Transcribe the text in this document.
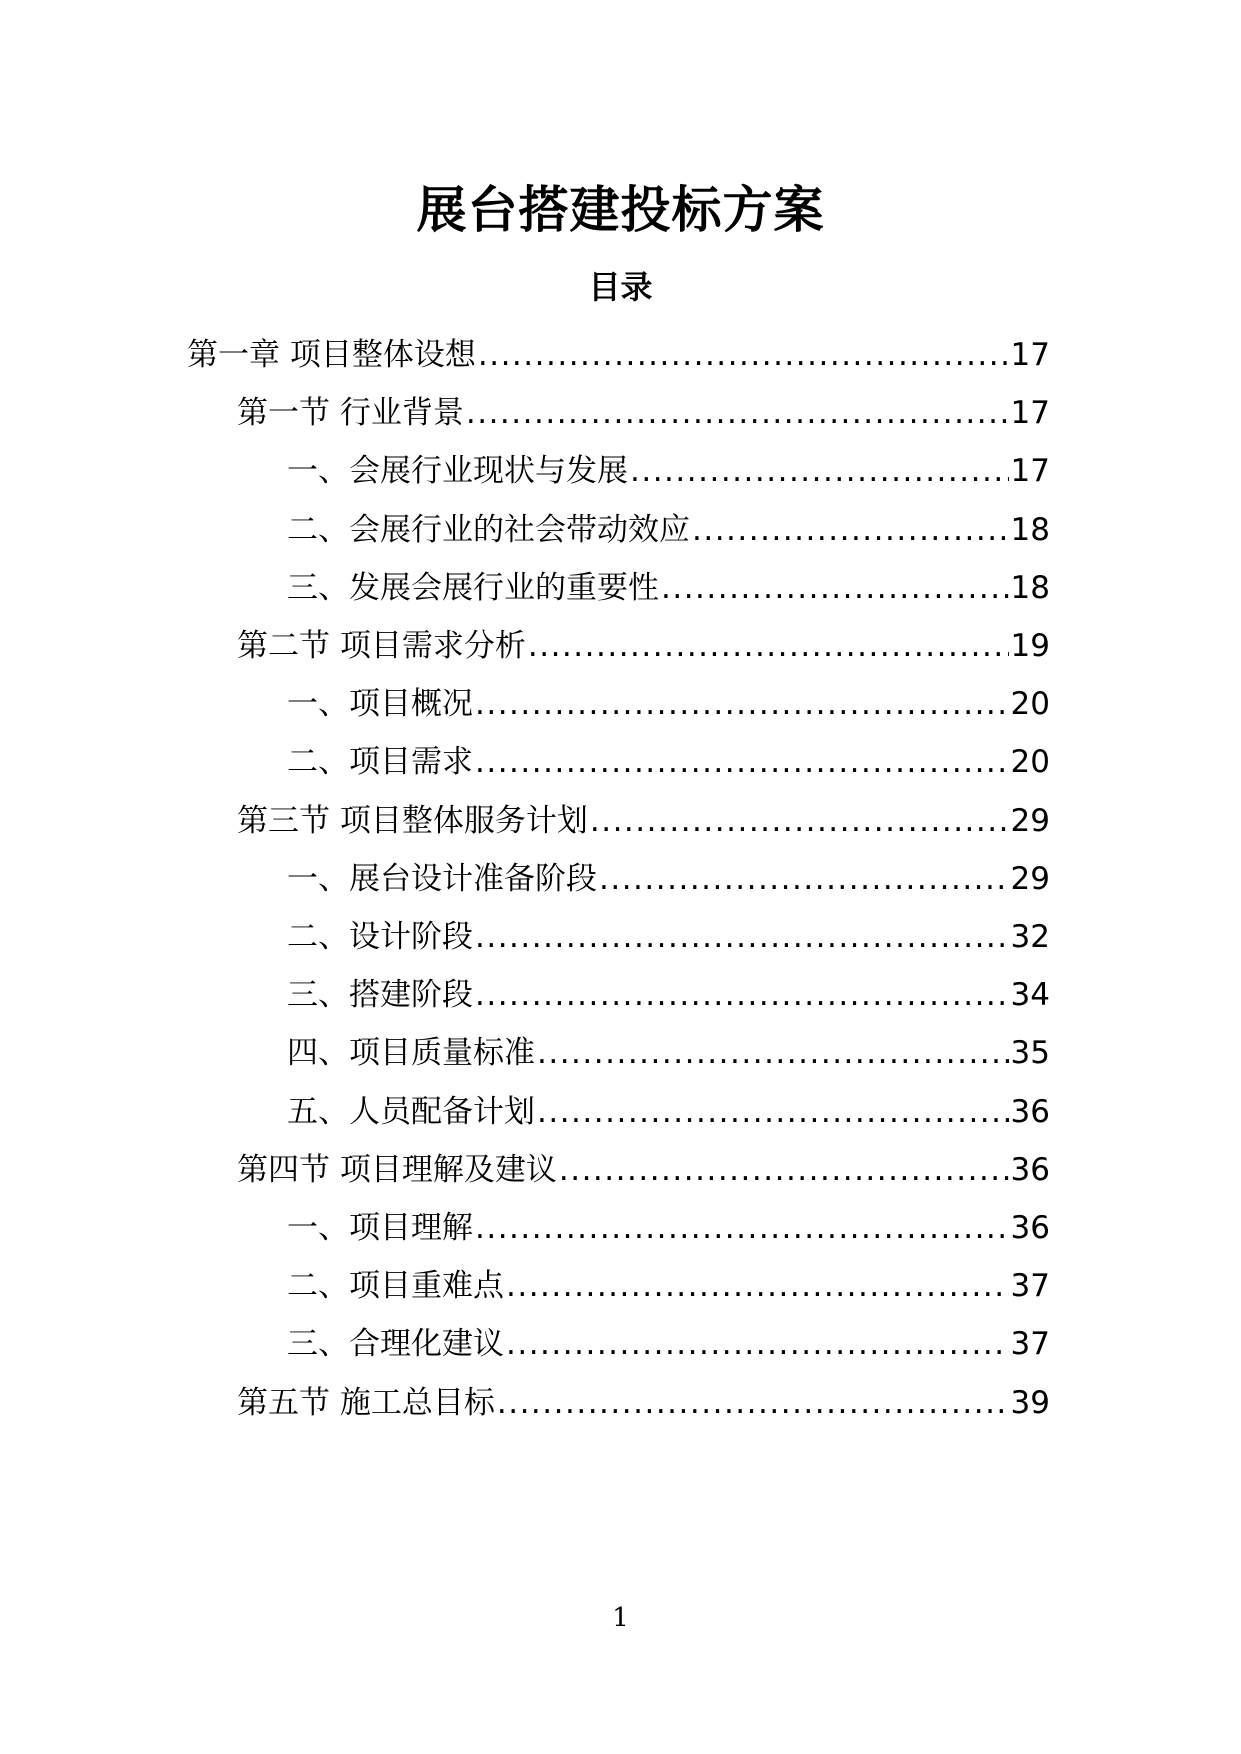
展台搭建投标方案
目录
第一章 项目整体设想 .....	17
第一节 行业背景 .....	17
一、会展行业现状与发展 .....	17
二、会展行业的社会带动效应 .....	18
三、发展会展行业的重要性 .....	18
第二节 项目需求分析 .....	19
一、项目概况 .....	20
二、项目需求 .....	20
第三节 项目整体服务计划 .....	29
一、展台设计准备阶段 .....	29
二、设计阶段 .....	32
三、搭建阶段 .....	34
四、项目质量标准 .....	35
五、人员配备计划 .....	36
第四节 项目理解及建议 .....	36
一、项目理解 .....	36
二、项目重难点 .....	37
三、合理化建议 .....	37
第五节 施工总目标 .....	39
1
